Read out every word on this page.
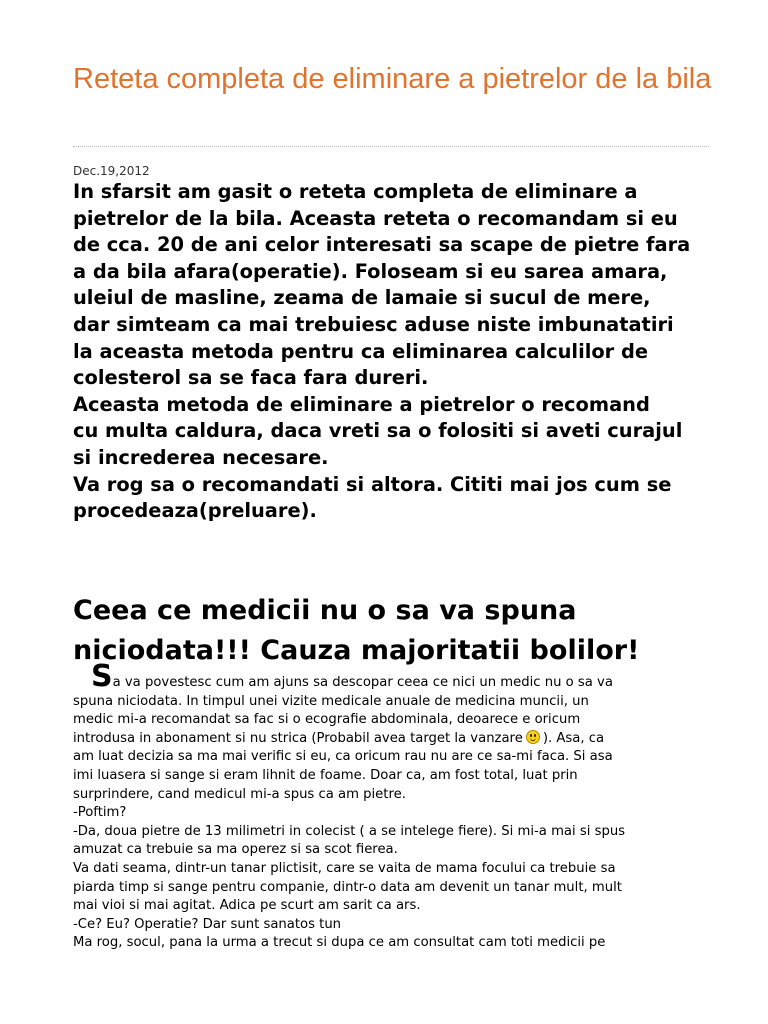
Reteta completa de eliminare a pietrelor de la bila
Dec.19,2012

In sfarsit am gasit o reteta completa de eliminare a

pietrelor de la bila. Aceasta reteta o recomandam si eu

de cca. 20 de ani celor interesati sa scape de pietre fara

a da bila afara(operatie). Foloseam si eu sarea amara,

uleiul de masline, zeama de lamaie si sucul de mere,

dar simteam ca mai trebuiesc aduse niste imbunatatiri

la aceasta metoda pentru ca eliminarea calculilor de

colesterol sa se faca fara dureri.

Aceasta metoda de eliminare a pietrelor o recomand

cu multa caldura, daca vreti sa o folositi si aveti curajul

si increderea necesare.

Va rog sa o recomandati si altora. Cititi mai jos cum se

procedeaza(preluare).

Ceea ce medicii nu o sa va spuna
niciodata!!! Cauza majoritatii bolilor!

Sa va povestesc cum am ajuns sa descopar ceea ce nici un medic nu o sa va

spuna niciodata. In timpul unei vizite medicale anuale de medicina muncii, un

medic mi-a recomandat sa fac si o ecografie abdominala, deoarece e oricum

introdusa in abonament si nu strica (Probabil avea target la vanzare ). Asa, ca

am luat decizia sa ma mai verific si eu, ca oricum rau nu are ce sa-mi faca. Si asa

imi luasera si sange si eram lihnit de foame. Doar ca, am fost total, luat prin

surprindere, cand medicul mi-a spus ca am pietre.

-Poftim?

-Da, doua pietre de 13 milimetri in colecist ( a se intelege fiere). Si mi-a mai si spus

amuzat ca trebuie sa ma operez si sa scot fierea.

Va dati seama, dintr-un tanar plictisit, care se vaita de mama focului ca trebuie sa

piarda timp si sange pentru companie, dintr-o data am devenit un tanar mult, mult

mai vioi si mai agitat. Adica pe scurt am sarit ca ars.

-Ce? Eu? Operatie? Dar sunt sanatos tun

Ma rog, socul, pana la urma a trecut si dupa ce am consultat cam toti medicii pe
